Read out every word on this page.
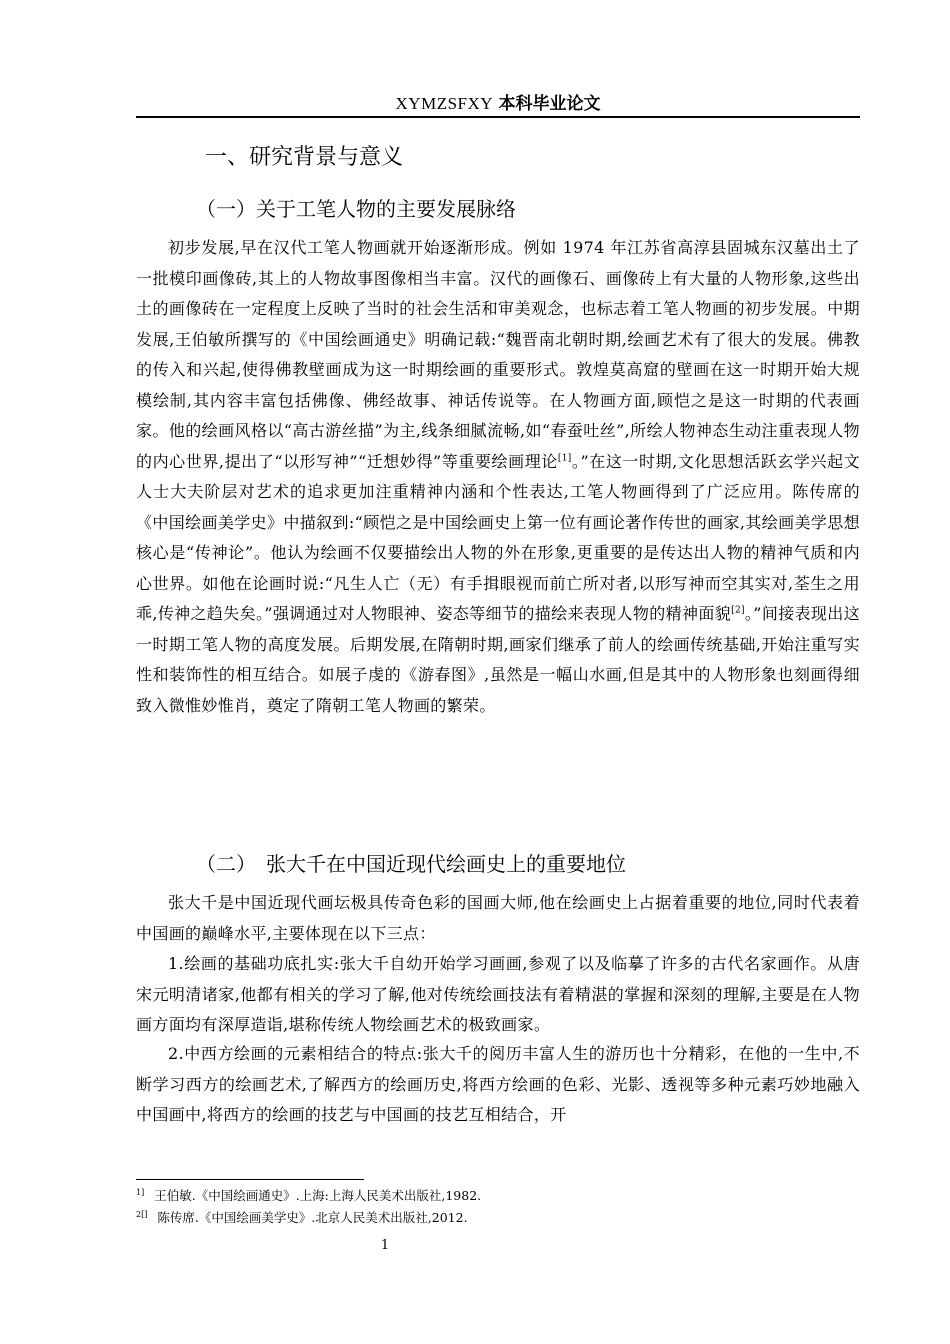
XYMZSFXY 本科毕业论文
一、研究背景与意义
（一）关于工笔人物的主要发展脉络

初步发展,早在汉代工笔人物画就开始逐渐形成。例如 1974 年江苏省高淳县固城东汉墓出土了一批模印画像砖,其上的人物故事图像相当丰富。汉代的画像石、画像砖上有大量的人物形象,这些出土的画像砖在一定程度上反映了当时的社会生活和审美观念，也标志着工笔人物画的初步发展。中期发展,王伯敏所撰写的《中国绘画通史》明确记载:“魏晋南北朝时期,绘画艺术有了很大的发展。佛教的传入和兴起,使得佛教壁画成为这一时期绘画的重要形式。敦煌莫高窟的壁画在这一时期开始大规模绘制,其内容丰富包括佛像、佛经故事、神话传说等。在人物画方面,顾恺之是这一时期的代表画家。他的绘画风格以“高古游丝描”为主,线条细腻流畅,如“春蚕吐丝”,所绘人物神态生动注重表现人物的内心世界,提出了“以形写神”“迁想妙得”等重要绘画理论[1]。”在这一时期,文化思想活跃玄学兴起文人士大夫阶层对艺术的追求更加注重精神内涵和个性表达,工笔人物画得到了广泛应用。陈传席的《中国绘画美学史》中描叙到:“顾恺之是中国绘画史上第一位有画论著作传世的画家,其绘画美学思想核心是“传神论”。他认为绘画不仅要描绘出人物的外在形象,更重要的是传达出人物的精神气质和内心世界。如他在论画时说:“凡生人亡（无）有手揖眼视而前亡所对者,以形写神而空其实对,荃生之用乖,传神之趋失矣。”强调通过对人物眼神、姿态等细节的描绘来表现人物的精神面貌[2]。”间接表现出这一时期工笔人物的高度发展。后期发展,在隋朝时期,画家们继承了前人的绘画传统基础,开始注重写实性和装饰性的相互结合。如展子虔的《游春图》,虽然是一幅山水画,但是其中的人物形象也刻画得细致入微惟妙惟肖，奠定了隋朝工笔人物画的繁荣。

（二）　张大千在中国近现代绘画史上的重要地位

张大千是中国近现代画坛极具传奇色彩的国画大师,他在绘画史上占据着重要的地位,同时代表着中国画的巅峰水平,主要体现在以下三点：

1.绘画的基础功底扎实:张大千自幼开始学习画画,参观了以及临摹了许多的古代名家画作。从唐宋元明清诸家,他都有相关的学习了解,他对传统绘画技法有着精湛的掌握和深刻的理解,主要是在人物画方面均有深厚造诣,堪称传统人物绘画艺术的极致画家。

2.中西方绘画的元素相结合的特点:张大千的阅历丰富人生的游历也十分精彩，在他的一生中,不断学习西方的绘画艺术,了解西方的绘画历史,将西方绘画的色彩、光影、透视等多种元素巧妙地融入中国画中,将西方的绘画的技艺与中国画的技艺互相结合，开

$^{1]}$ 王伯敏.《中国绘画通史》.上海:上海人民美术出版社,1982.
$^{2[]}$ 陈传席.《中国绘画美学史》.北京人民美术出版社,2012.
1
